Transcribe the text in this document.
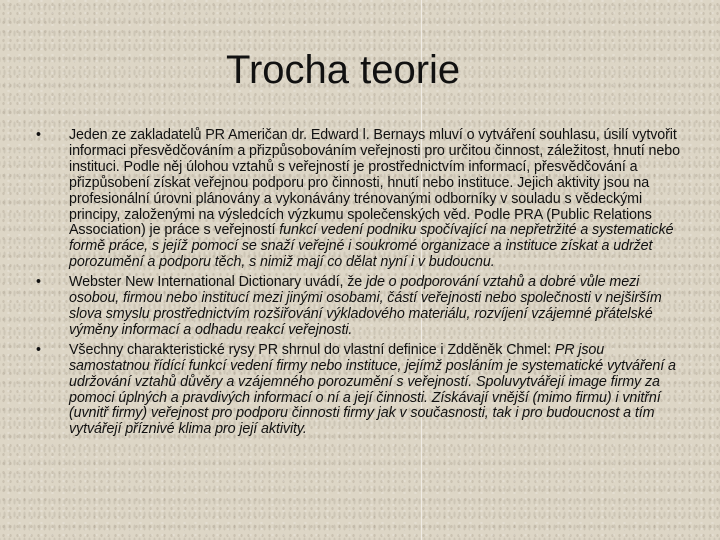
Trocha teorie
• Jeden ze zakladatelů PR Američan dr. Edward l. Bernays mluví o vytváření souhlasu, úsilí vytvořit informaci přesvědčováním a přizpůsobováním veřejnosti pro určitou činnost, záležitost, hnutí nebo instituci. Podle něj úlohou vztahů s veřejností je prostřednictvím informací, přesvědčování a přizpůsobení získat veřejnou podporu pro činnosti, hnutí nebo instituce. Jejich aktivity jsou na profesionální úrovni plánovány a vykonávány trénovanými odborníky v souladu s vědeckými principy, založenými na výsledcích výzkumu společenských věd. Podle PRA (Public Relations Association) je práce s veřejností funkcí vedení podniku spočívající na nepřetržité a systematické formě práce, s jejíž pomocí se snaží veřejné i soukromé organizace a instituce získat a udržet porozumění a podporu těch, s nimiž mají co dělat nyní i v budoucnu.
• Webster New International Dictionary uvádí, že jde o podporování vztahů a dobré vůle mezi osobou, firmou nebo institucí mezi jinými osobami, částí veřejnosti nebo společnosti v nejširším slova smyslu prostřednictvím rozšiřování výkladového materiálu, rozvíjení vzájemné přátelské výměny informací a odhadu reakcí veřejnosti.
• Všechny charakteristické rysy PR shrnul do vlastní definice i Zdděněk Chmel: PR jsou samostatnou řídící funkcí vedení firmy nebo instituce, jejímž posláním je systematické vytváření a udržování vztahů důvěry a vzájemného porozumění s veřejností. Spoluvytvářejí image firmy za pomoci úplných a pravdivých informací o ní a její činnosti. Získávají vnější (mimo firmu) i vnitřní (uvnitř firmy) veřejnost pro podporu činnosti firmy jak v současnosti, tak i pro budoucnost a tím vytvářejí příznivé klima pro její aktivity.
